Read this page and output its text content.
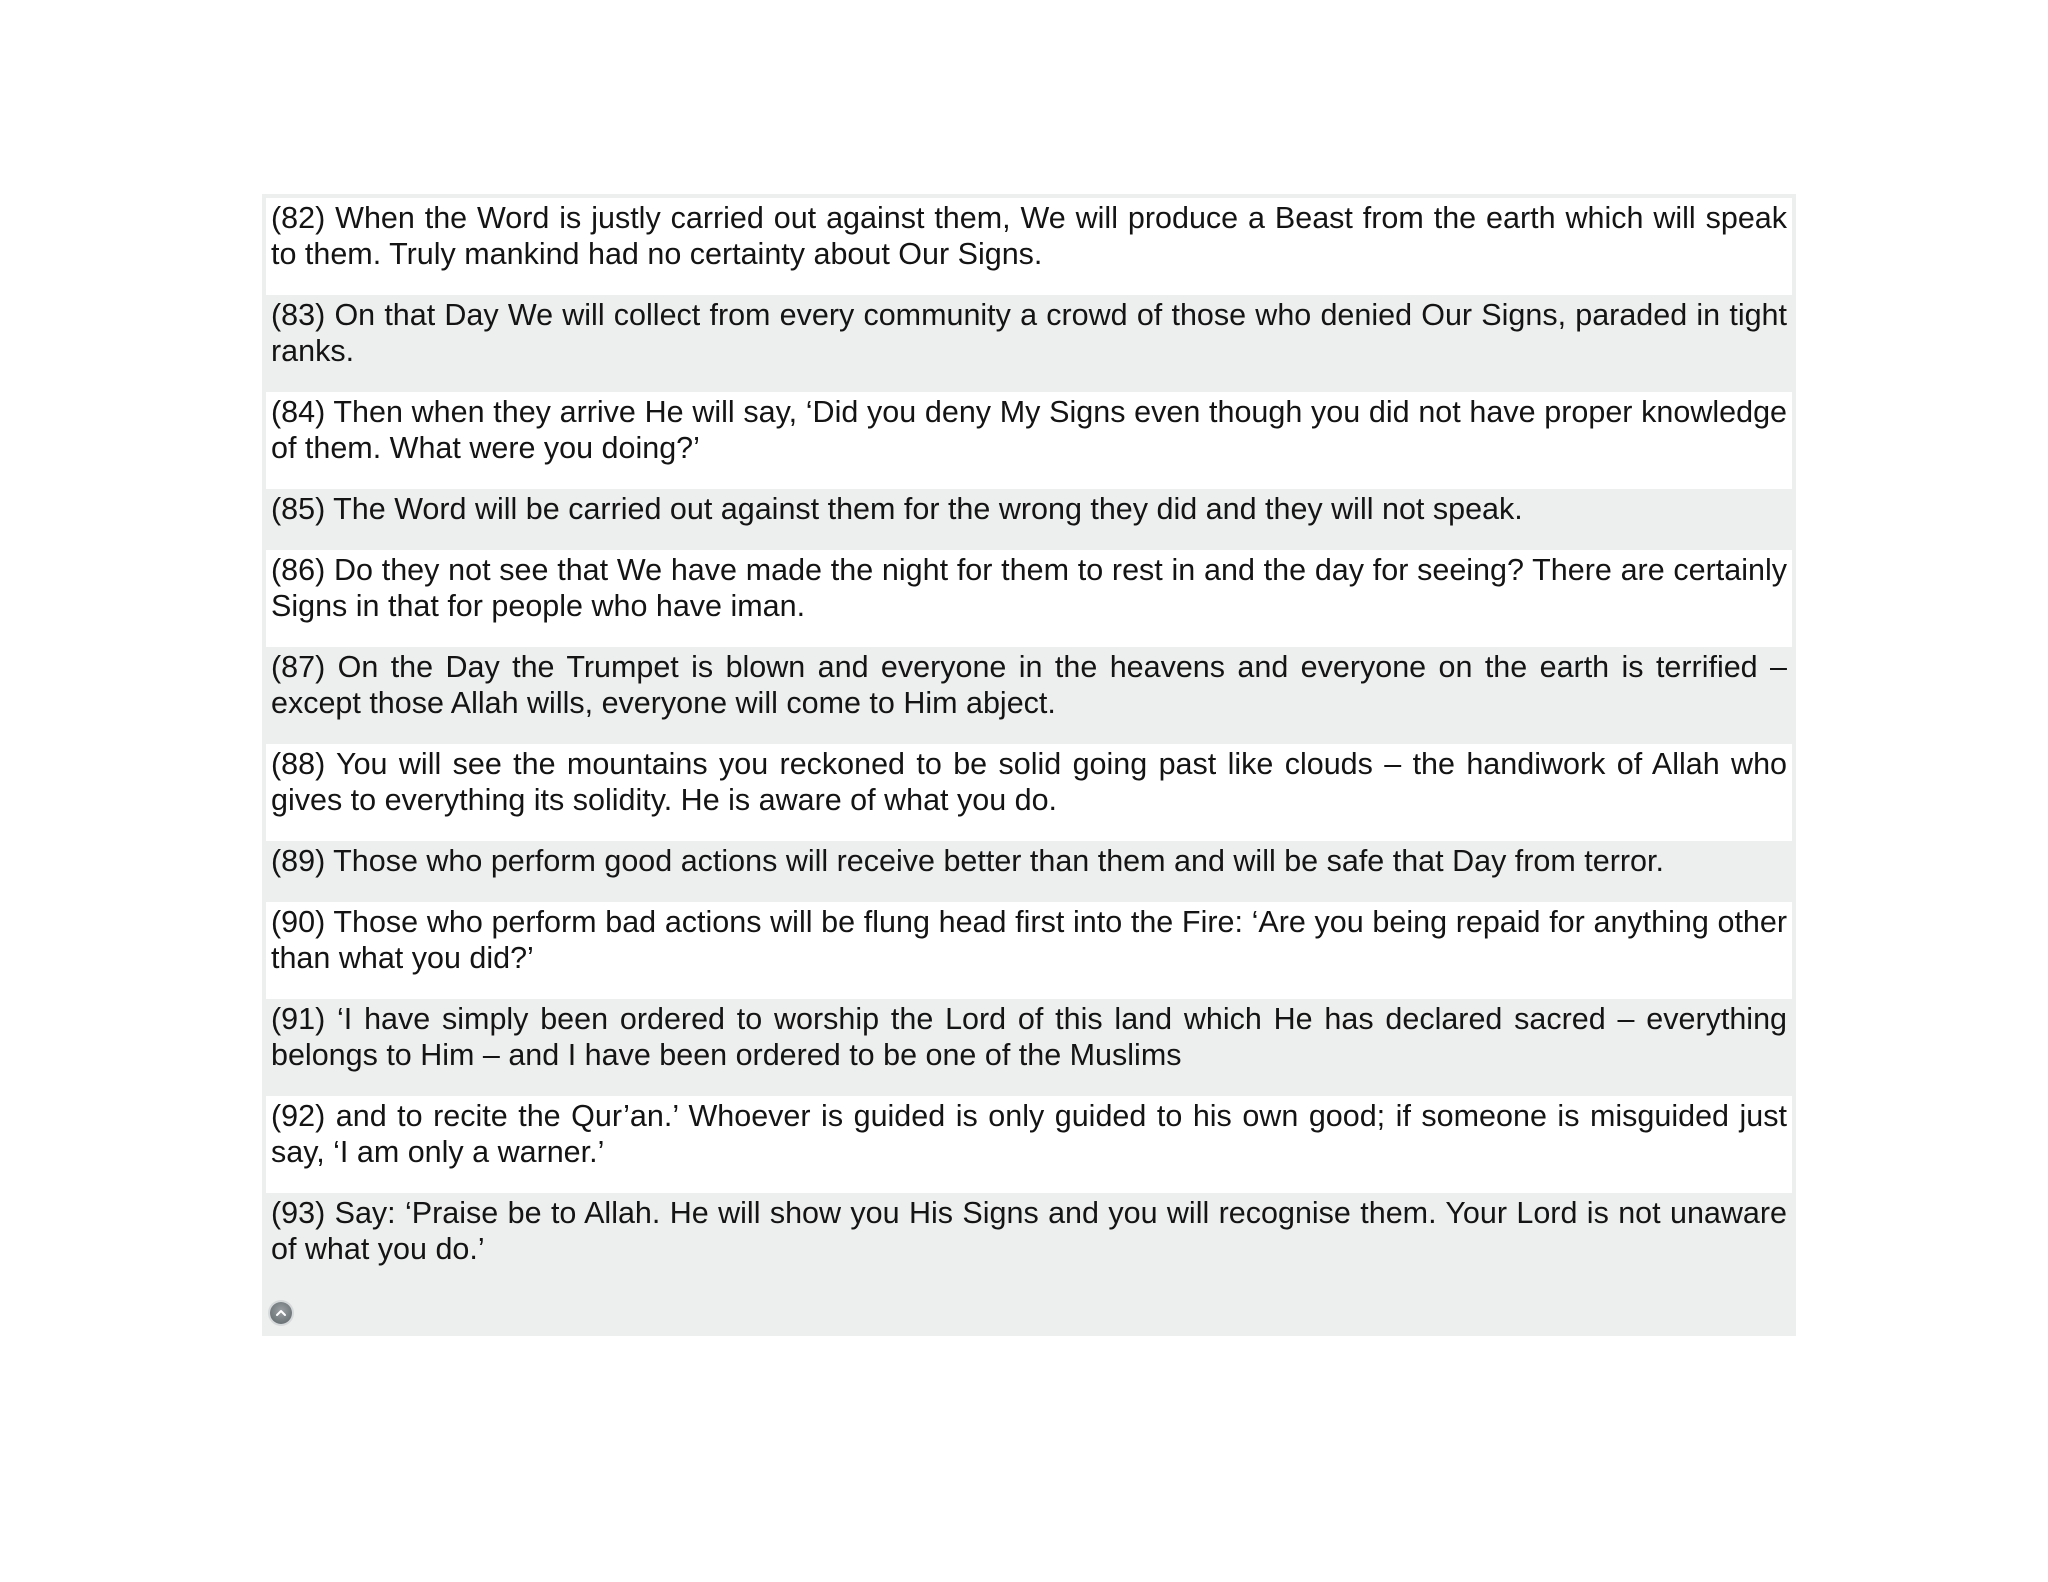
(82) When the Word is justly carried out against them, We will produce a Beast from the earth which will speak to them. Truly mankind had no certainty about Our Signs.
(83) On that Day We will collect from every community a crowd of those who denied Our Signs, paraded in tight ranks.
(84) Then when they arrive He will say, ‘Did you deny My Signs even though you did not have proper knowledge of them. What were you doing?’
(85) The Word will be carried out against them for the wrong they did and they will not speak.
(86) Do they not see that We have made the night for them to rest in and the day for seeing? There are certainly Signs in that for people who have iman.
(87) On the Day the Trumpet is blown and everyone in the heavens and everyone on the earth is terrified – except those Allah wills, everyone will come to Him abject.
(88) You will see the mountains you reckoned to be solid going past like clouds – the handiwork of Allah who gives to everything its solidity. He is aware of what you do.
(89) Those who perform good actions will receive better than them and will be safe that Day from terror.
(90) Those who perform bad actions will be flung head first into the Fire: ‘Are you being repaid for anything other than what you did?’
(91) ‘I have simply been ordered to worship the Lord of this land which He has declared sacred – everything belongs to Him – and I have been ordered to be one of the Muslims
(92) and to recite the Qur’an.’ Whoever is guided is only guided to his own good; if someone is misguided just say, ‘I am only a warner.’
(93) Say: ‘Praise be to Allah. He will show you His Signs and you will recognise them. Your Lord is not unaware of what you do.’
